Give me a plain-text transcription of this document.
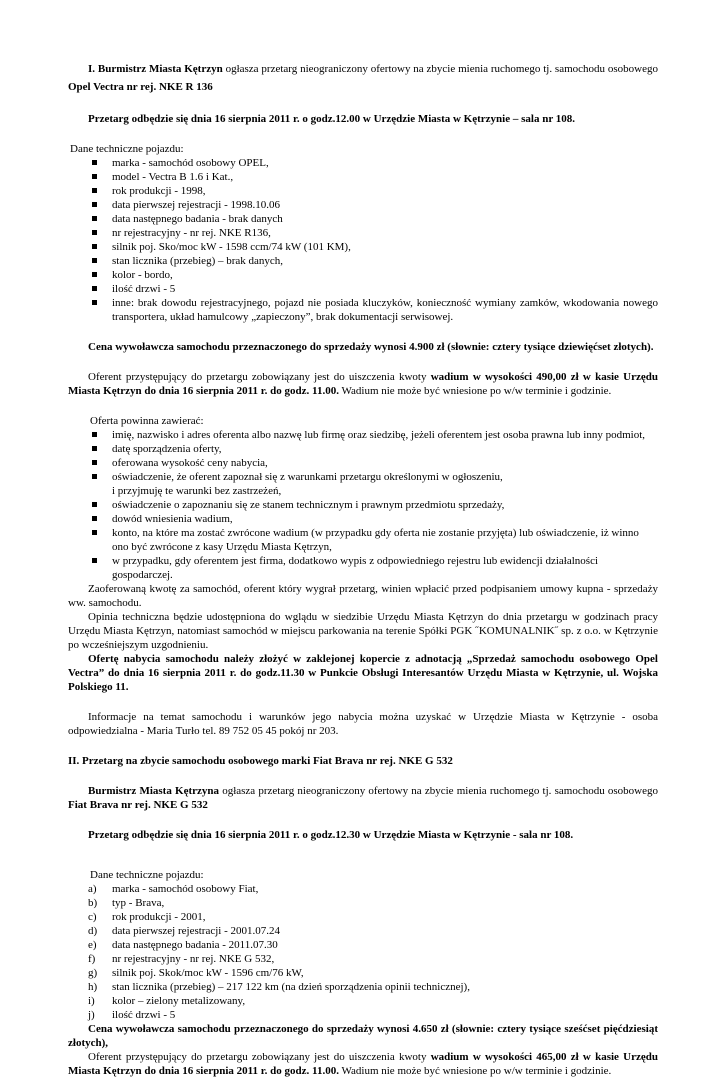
I. Burmistrz Miasta Kętrzyn ogłasza przetarg nieograniczony ofertowy na zbycie mienia ruchomego tj. samochodu osobowego Opel Vectra nr rej. NKE R 136

Przetarg odbędzie się dnia 16 sierpnia 2011 r. o godz.12.00 w Urzędzie Miasta w Kętrzynie – sala nr 108.

Dane techniczne pojazdu:

marka - samochód osobowy OPEL,
model - Vectra B 1.6 i Kat.,
rok produkcji - 1998,
data pierwszej rejestracji - 1998.10.06
data następnego badania - brak danych
nr rejestracyjny - nr rej. NKE R136,
silnik poj. Sko/moc kW - 1598 ccm/74 kW (101 KM),
stan licznika (przebieg) – brak danych,
kolor - bordo,
ilość drzwi - 5
inne: brak dowodu rejestracyjnego, pojazd nie posiada kluczyków, konieczność wymiany zamków, wkodowania nowego transportera, układ hamulcowy „zapieczony”, brak dokumentacji serwisowej.

Cena wywoławcza samochodu przeznaczonego do sprzedaży wynosi 4.900 zł (słownie: cztery tysiące dziewięćset złotych).

Oferent przystępujący do przetargu zobowiązany jest do uiszczenia kwoty wadium w wysokości 490,00 zł w kasie Urzędu Miasta Kętrzyn do dnia 16 sierpnia 2011 r. do godz. 11.00. Wadium nie może być wniesione po w/w terminie i godzinie.

Oferta powinna zawierać:

imię, nazwisko i adres oferenta albo nazwę lub firmę oraz siedzibę, jeżeli oferentem jest osoba prawna lub inny podmiot,
datę sporządzenia oferty,
oferowana wysokość ceny nabycia,
oświadczenie, że oferent zapoznał się z warunkami przetargu określonymi w ogłoszeniu,
i przyjmuję te warunki bez zastrzeżeń,
oświadczenie o zapoznaniu się ze stanem technicznym i prawnym przedmiotu sprzedaży,
dowód wniesienia wadium,
konto, na które ma zostać zwrócone wadium (w przypadku gdy oferta nie zostanie przyjęta) lub oświadczenie, iż winno ono być zwrócone z kasy Urzędu Miasta Kętrzyn,
w przypadku, gdy oferentem jest firma, dodatkowo wypis z odpowiedniego rejestru lub ewidencji działalności gospodarczej.

Zaoferowaną kwotę za samochód, oferent który wygrał przetarg, winien wpłacić przed podpisaniem umowy kupna - sprzedaży ww. samochodu.

Opinia techniczna będzie udostępniona do wglądu w siedzibie Urzędu Miasta Kętrzyn do dnia przetargu w godzinach pracy Urzędu Miasta Kętrzyn, natomiast samochód w miejscu parkowania na terenie Spółki PGK ˝KOMUNALNIK˝ sp. z o.o. w Kętrzynie po wcześniejszym uzgodnieniu.

Ofertę nabycia samochodu należy złożyć w zaklejonej kopercie z adnotacją „Sprzedaż samochodu osobowego Opel Vectra” do dnia 16 sierpnia 2011 r. do godz.11.30 w Punkcie Obsługi Interesantów Urzędu Miasta w Kętrzynie, ul. Wojska Polskiego 11.

Informacje na temat samochodu i warunków jego nabycia można uzyskać w Urzędzie Miasta w Kętrzynie - osoba odpowiedzialna - Maria Turło tel. 89 752 05 45 pokój nr 203.

II. Przetarg na zbycie samochodu osobowego marki Fiat Brava nr rej. NKE G 532

Burmistrz Miasta Kętrzyna ogłasza przetarg nieograniczony ofertowy na zbycie mienia ruchomego tj. samochodu osobowego Fiat Brava nr rej. NKE G 532

Przetarg odbędzie się dnia 16 sierpnia 2011 r. o godz.12.30 w Urzędzie Miasta w Kętrzynie - sala nr 108.

Dane techniczne pojazdu:

a) marka - samochód osobowy Fiat,
b) typ - Brava,
c) rok produkcji - 2001,
d) data pierwszej rejestracji - 2001.07.24
e) data następnego badania - 2011.07.30
f) nr rejestracyjny - nr rej. NKE G 532,
g) silnik poj. Skok/moc kW - 1596 cm/76 kW,
h) stan licznika (przebieg) – 217 122 km (na dzień sporządzenia opinii technicznej),
i) kolor – zielony metalizowany,
j) ilość drzwi - 5

Cena wywoławcza samochodu przeznaczonego do sprzedaży wynosi 4.650 zł (słownie: cztery tysiące sześćset pięćdziesiąt złotych),

Oferent przystępujący do przetargu zobowiązany jest do uiszczenia kwoty wadium w wysokości 465,00 zł w kasie Urzędu Miasta Kętrzyn do dnia 16 sierpnia 2011 r. do godz. 11.00. Wadium nie może być wniesione po w/w terminie i godzinie.
